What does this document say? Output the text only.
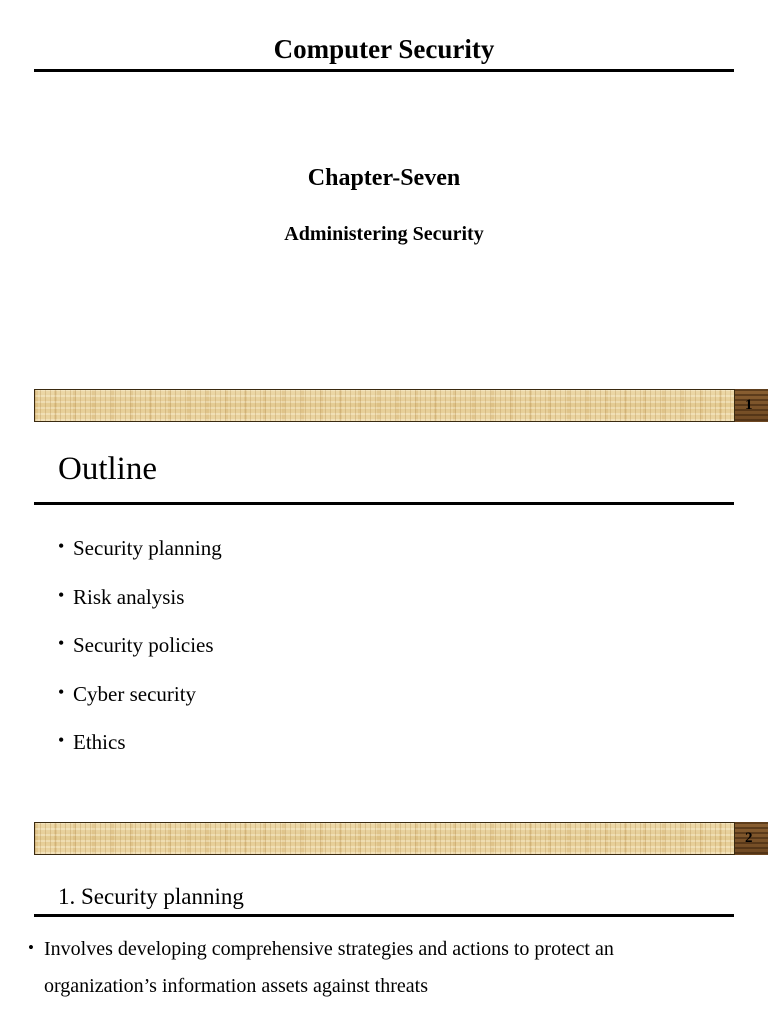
Computer Security
Chapter-Seven
Administering Security
1
Outline
• Security planning
• Risk analysis
• Security policies
• Cyber security
• Ethics
2
1. Security planning
• Involves developing comprehensive strategies and actions to protect an organization’s information assets against threats
